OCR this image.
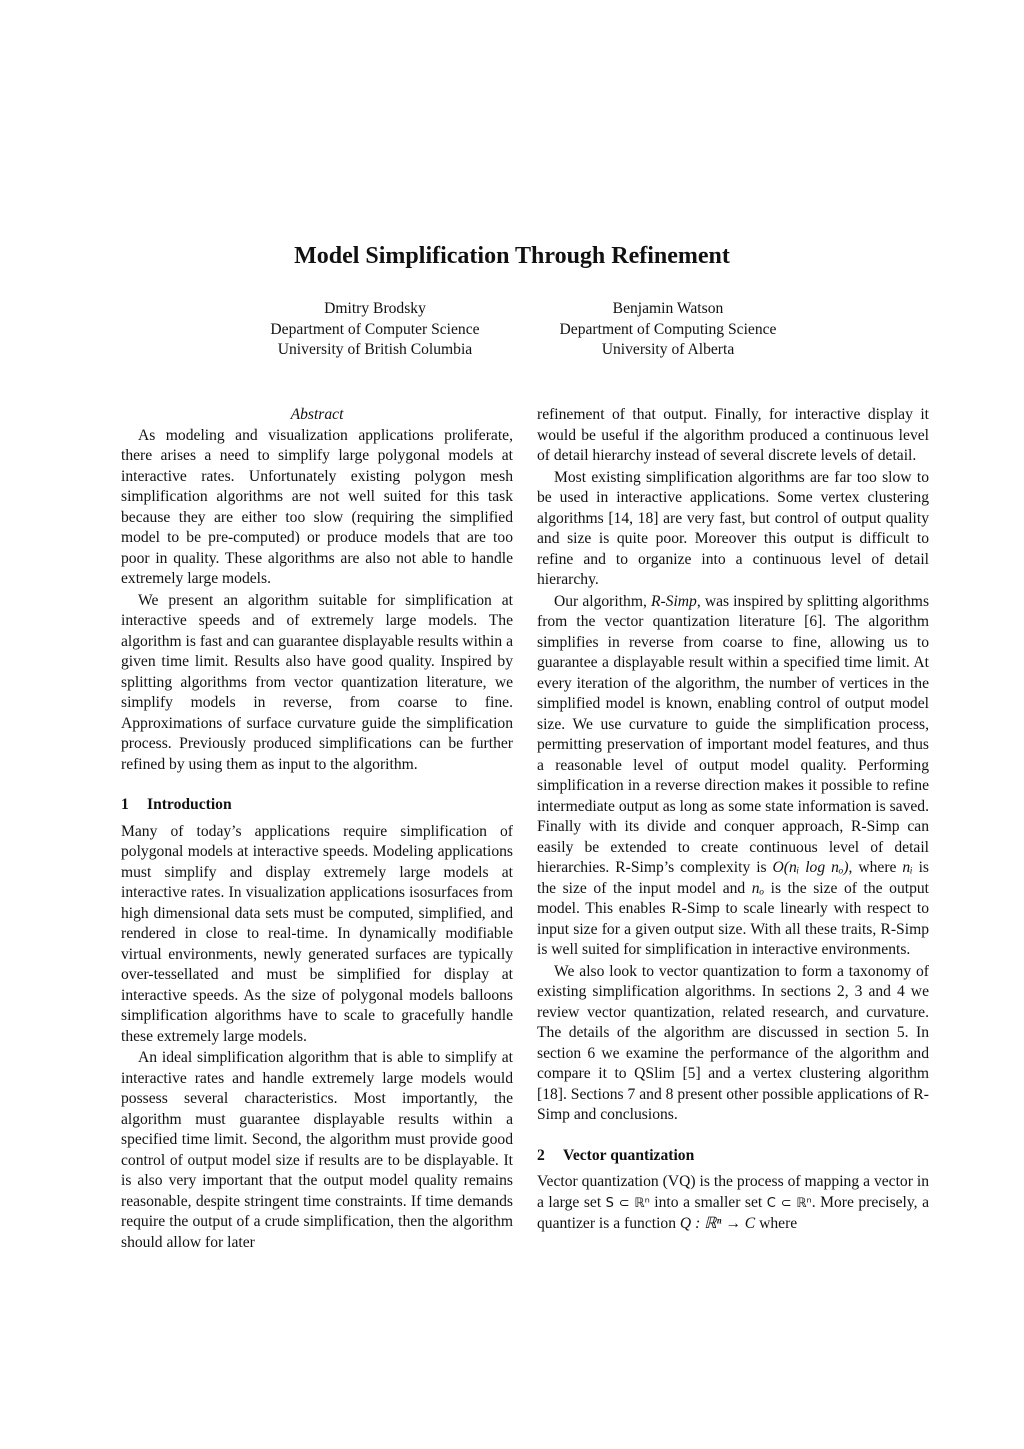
Model Simplification Through Refinement
Dmitry Brodsky
Department of Computer Science
University of British Columbia
Benjamin Watson
Department of Computing Science
University of Alberta
Abstract

As modeling and visualization applications proliferate, there arises a need to simplify large polygonal models at interactive rates. Unfortunately existing polygon mesh simplification algorithms are not well suited for this task because they are either too slow (requiring the simplified model to be pre-computed) or produce models that are too poor in quality. These algorithms are also not able to handle extremely large models.

We present an algorithm suitable for simplification at interactive speeds and of extremely large models. The algorithm is fast and can guarantee displayable results within a given time limit. Results also have good quality. Inspired by splitting algorithms from vector quantization literature, we simplify models in reverse, from coarse to fine. Approximations of surface curvature guide the simplification process. Previously produced simplifications can be further refined by using them as input to the algorithm.

1 Introduction

Many of today’s applications require simplification of polygonal models at interactive speeds. Modeling applications must simplify and display extremely large models at interactive rates. In visualization applications isosurfaces from high dimensional data sets must be computed, simplified, and rendered in close to real-time. In dynamically modifiable virtual environments, newly generated surfaces are typically over-tessellated and must be simplified for display at interactive speeds. As the size of polygonal models balloons simplification algorithms have to scale to gracefully handle these extremely large models.

An ideal simplification algorithm that is able to simplify at interactive rates and handle extremely large models would possess several characteristics. Most importantly, the algorithm must guarantee displayable results within a specified time limit. Second, the algorithm must provide good control of output model size if results are to be displayable. It is also very important that the output model quality remains reasonable, despite stringent time constraints. If time demands require the output of a crude simplification, then the algorithm should allow for later

refinement of that output. Finally, for interactive display it would be useful if the algorithm produced a continuous level of detail hierarchy instead of several discrete levels of detail.

Most existing simplification algorithms are far too slow to be used in interactive applications. Some vertex clustering algorithms [14, 18] are very fast, but control of output quality and size is quite poor. Moreover this output is difficult to refine and to organize into a continuous level of detail hierarchy.

Our algorithm, R-Simp, was inspired by splitting algorithms from the vector quantization literature [6]. The algorithm simplifies in reverse from coarse to fine, allowing us to guarantee a displayable result within a specified time limit. At every iteration of the algorithm, the number of vertices in the simplified model is known, enabling control of output model size. We use curvature to guide the simplification process, permitting preservation of important model features, and thus a reasonable level of output model quality. Performing simplification in a reverse direction makes it possible to refine intermediate output as long as some state information is saved. Finally with its divide and conquer approach, R-Simp can easily be extended to create continuous level of detail hierarchies. R-Simp’s complexity is O(nᵢ log nₒ), where nᵢ is the size of the input model and nₒ is the size of the output model. This enables R-Simp to scale linearly with respect to input size for a given output size. With all these traits, R-Simp is well suited for simplification in interactive environments.

We also look to vector quantization to form a taxonomy of existing simplification algorithms. In sections 2, 3 and 4 we review vector quantization, related research, and curvature. The details of the algorithm are discussed in section 5. In section 6 we examine the performance of the algorithm and compare it to QSlim [5] and a vertex clustering algorithm [18]. Sections 7 and 8 present other possible applications of R-Simp and conclusions.

2 Vector quantization

Vector quantization (VQ) is the process of mapping a vector in a large set S ⊂ ℝⁿ into a smaller set C ⊂ ℝⁿ. More precisely, a quantizer is a function Q : ℝⁿ → C where
